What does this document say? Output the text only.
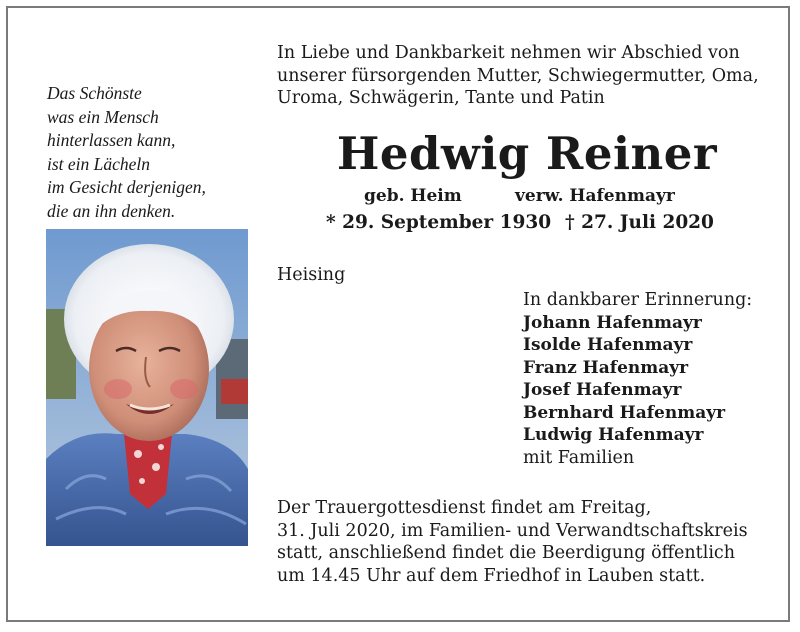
Das Schönste
was ein Mensch
hinterlassen kann,
ist ein Lächeln
im Gesicht derjenigen,
die an ihn denken.
In Liebe und Dankbarkeit nehmen wir Abschied von
unserer fürsorgenden Mutter, Schwiegermutter, Oma,
Uroma, Schwägerin, Tante und Patin
Hedwig Reiner
geb. Heim	verw. Hafenmayr
* 29. September 1930 † 27. Juli 2020
Heising
In dankbarer Erinnerung:
Johann Hafenmayr
Isolde Hafenmayr
Franz Hafenmayr
Josef Hafenmayr
Bernhard Hafenmayr
Ludwig Hafenmayr
mit Familien
Der Trauergottesdienst findet am Freitag,
31. Juli 2020, im Familien- und Verwandtschaftskreis
statt, anschließend findet die Beerdigung öffentlich
um 14.45 Uhr auf dem Friedhof in Lauben statt.
